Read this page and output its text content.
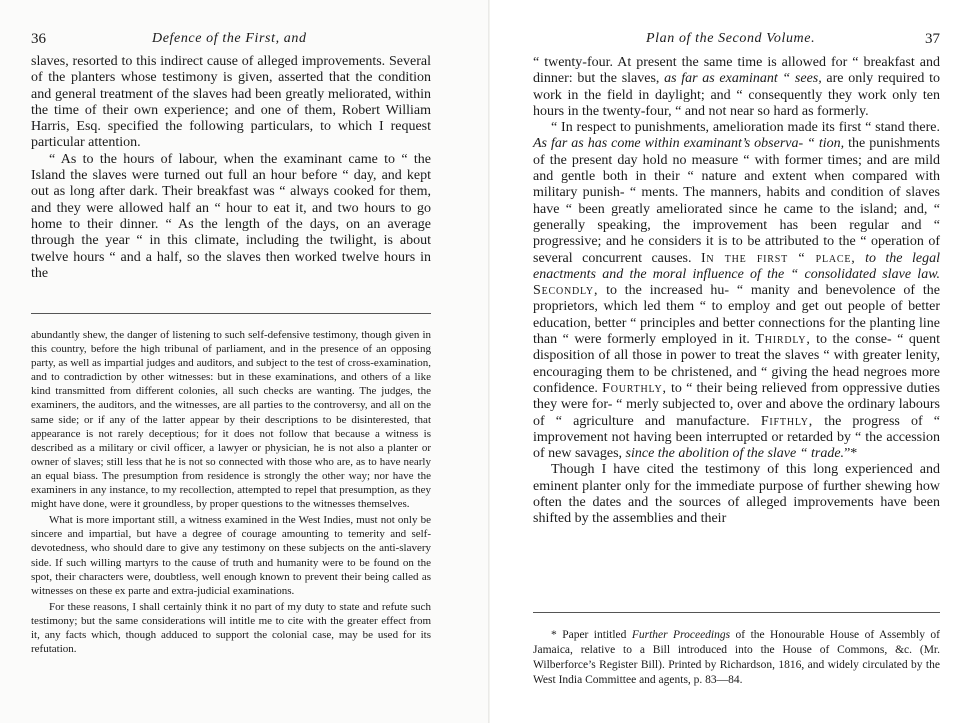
36	Defence of the First, and

slaves, resorted to this indirect cause of alleged improvements. Several of the planters whose testimony is given, asserted that the condition and general treatment of the slaves had been greatly meliorated, within the time of their own experience; and one of them, Robert William Harris, Esq. specified the following particulars, to which I request particular attention.

“ As to the hours of labour, when the examinant came to “ the Island the slaves were turned out full an hour before “ day, and kept out as long after dark. Their breakfast was “ always cooked for them, and they were allowed half an “ hour to eat it, and two hours to go home to their dinner. “ As the length of the days, on an average through the year “ in this climate, including the twilight, is about twelve hours “ and a half, so the slaves then worked twelve hours in the

abundantly shew, the danger of listening to such self-defensive testimony, though given in this country, before the high tribunal of parliament, and in the presence of an opposing party, as well as impartial judges and auditors, and subject to the test of cross-examination, and to contradiction by other witnesses: but in these examinations, and others of a like kind transmitted from different colonies, all such checks are wanting. The judges, the examiners, the auditors, and the witnesses, are all parties to the controversy, and all on the same side; or if any of the latter appear by their descriptions to be disinterested, that appearance is not rarely deceptious; for it does not follow that because a witness is described as a military or civil officer, a lawyer or physician, he is not also a planter or owner of slaves; still less that he is not so connected with those who are, as to have nearly an equal biass. The presumption from residence is strongly the other way; nor have the examiners in any instance, to my recollection, attempted to repel that presumption, as they might have done, were it groundless, by proper questions to the witnesses themselves.

What is more important still, a witness examined in the West Indies, must not only be sincere and impartial, but have a degree of courage amounting to temerity and self-devotedness, who should dare to give any testimony on these subjects on the anti-slavery side. If such willing martyrs to the cause of truth and humanity were to be found on the spot, their characters were, doubtless, well enough known to prevent their being called as witnesses on these ex parte and extra-judicial examinations.

For these reasons, I shall certainly think it no part of my duty to state and refute such testimony; but the same considerations will intitle me to cite with the greater effect from it, any facts which, though adduced to support the colonial case, may be used for its refutation.

Plan of the Second Volume.	37

“ twenty-four. At present the same time is allowed for “ breakfast and dinner: but the slaves, as far as examinant “ sees, are only required to work in the field in daylight; and “ consequently they work only ten hours in the twenty-four, “ and not near so hard as formerly.

“ In respect to punishments, amelioration made its first “ stand there. As far as has come within examinant’s observa- “ tion, the punishments of the present day hold no measure “ with former times; and are mild and gentle both in their “ nature and extent when compared with military punish- “ ments. The manners, habits and condition of slaves have “ been greatly ameliorated since he came to the island; and, “ generally speaking, the improvement has been regular and “ progressive; and he considers it is to be attributed to the “ operation of several concurrent causes. In the first “ place, to the legal enactments and the moral influence of the “ consolidated slave law. Secondly, to the increased hu- “ manity and benevolence of the proprietors, which led them “ to employ and get out people of better education, better “ principles and better connections for the planting line than “ were formerly employed in it. Thirdly, to the conse- “ quent disposition of all those in power to treat the slaves “ with greater lenity, encouraging them to be christened, and “ giving the head negroes more confidence. Fourthly, to “ their being relieved from oppressive duties they were for- “ merly subjected to, over and above the ordinary labours of “ agriculture and manufacture. Fifthly, the progress of “ improvement not having been interrupted or retarded by “ the accession of new savages, since the abolition of the slave “ trade.”*

Though I have cited the testimony of this long experienced and eminent planter only for the immediate purpose of further shewing how often the dates and the sources of alleged improvements have been shifted by the assemblies and their

* Paper intitled Further Proceedings of the Honourable House of Assembly of Jamaica, relative to a Bill introduced into the House of Commons, &c. (Mr. Wilberforce’s Register Bill). Printed by Richardson, 1816, and widely circulated by the West India Committee and agents, p. 83—84.
